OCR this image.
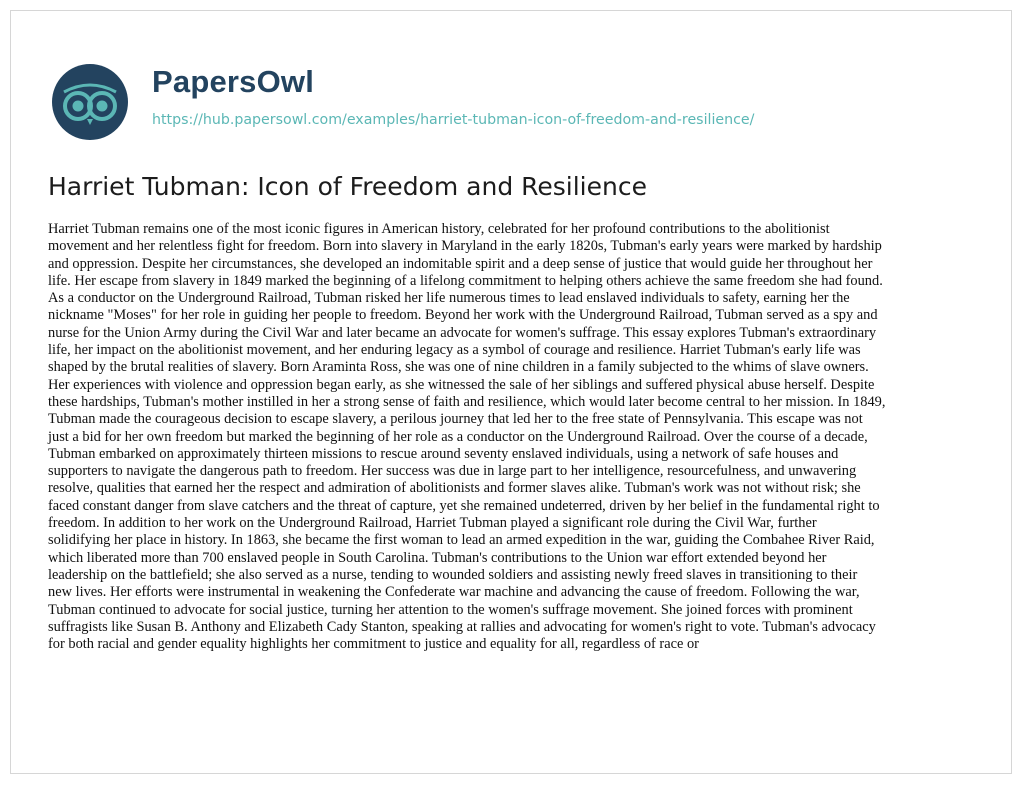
PapersOwl
https://hub.papersowl.com/examples/harriet-tubman-icon-of-freedom-and-resilience/
Harriet Tubman: Icon of Freedom and Resilience
Harriet Tubman remains one of the most iconic figures in American history, celebrated for her profound contributions to the abolitionist
movement and her relentless fight for freedom. Born into slavery in Maryland in the early 1820s, Tubman's early years were marked by hardship
and oppression. Despite her circumstances, she developed an indomitable spirit and a deep sense of justice that would guide her throughout her
life. Her escape from slavery in 1849 marked the beginning of a lifelong commitment to helping others achieve the same freedom she had found.
As a conductor on the Underground Railroad, Tubman risked her life numerous times to lead enslaved individuals to safety, earning her the
nickname "Moses" for her role in guiding her people to freedom. Beyond her work with the Underground Railroad, Tubman served as a spy and
nurse for the Union Army during the Civil War and later became an advocate for women's suffrage. This essay explores Tubman's extraordinary
life, her impact on the abolitionist movement, and her enduring legacy as a symbol of courage and resilience. Harriet Tubman's early life was
shaped by the brutal realities of slavery. Born Araminta Ross, she was one of nine children in a family subjected to the whims of slave owners.
Her experiences with violence and oppression began early, as she witnessed the sale of her siblings and suffered physical abuse herself. Despite
these hardships, Tubman's mother instilled in her a strong sense of faith and resilience, which would later become central to her mission. In 1849,
Tubman made the courageous decision to escape slavery, a perilous journey that led her to the free state of Pennsylvania. This escape was not
just a bid for her own freedom but marked the beginning of her role as a conductor on the Underground Railroad. Over the course of a decade,
Tubman embarked on approximately thirteen missions to rescue around seventy enslaved individuals, using a network of safe houses and
supporters to navigate the dangerous path to freedom. Her success was due in large part to her intelligence, resourcefulness, and unwavering
resolve, qualities that earned her the respect and admiration of abolitionists and former slaves alike. Tubman's work was not without risk; she
faced constant danger from slave catchers and the threat of capture, yet she remained undeterred, driven by her belief in the fundamental right to
freedom. In addition to her work on the Underground Railroad, Harriet Tubman played a significant role during the Civil War, further
solidifying her place in history. In 1863, she became the first woman to lead an armed expedition in the war, guiding the Combahee River Raid,
which liberated more than 700 enslaved people in South Carolina. Tubman's contributions to the Union war effort extended beyond her
leadership on the battlefield; she also served as a nurse, tending to wounded soldiers and assisting newly freed slaves in transitioning to their
new lives. Her efforts were instrumental in weakening the Confederate war machine and advancing the cause of freedom. Following the war,
Tubman continued to advocate for social justice, turning her attention to the women's suffrage movement. She joined forces with prominent
suffragists like Susan B. Anthony and Elizabeth Cady Stanton, speaking at rallies and advocating for women's right to vote. Tubman's advocacy
for both racial and gender equality highlights her commitment to justice and equality for all, regardless of race or
